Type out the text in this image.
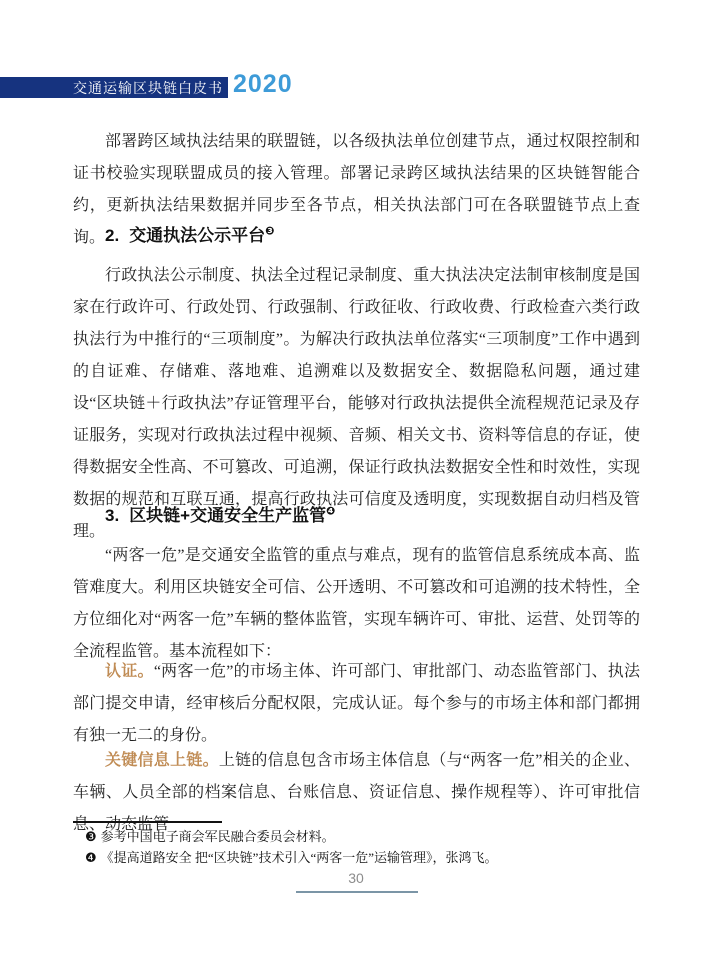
交通运输区块链白皮书 2020
部署跨区域执法结果的联盟链，以各级执法单位创建节点，通过权限控制和证书校验实现联盟成员的接入管理。部署记录跨区域执法结果的区块链智能合约，更新执法结果数据并同步至各节点，相关执法部门可在各联盟链节点上查询。 2. 交通执法公示平台$^❸$
行政执法公示制度、执法全过程记录制度、重大执法决定法制审核制度是国家在行政许可、行政处罚、行政强制、行政征收、行政收费、行政检查六类行政执法行为中推行的“三项制度”。为解决行政执法单位落实“三项制度”工作中遇到的自证难、存储难、落地难、追溯难以及数据安全、数据隐私问题，通过建设“区块链＋行政执法”存证管理平台，能够对行政执法提供全流程规范记录及存证服务，实现对行政执法过程中视频、音频、相关文书、资料等信息的存证，使得数据安全性高、不可篡改、可追溯，保证行政执法数据安全性和时效性，实现数据的规范和互联互通，提高行政执法可信度及透明度，实现数据自动归档及管理。
3. 区块链+交通安全生产监管$^❹$
“两客一危”是交通安全监管的重点与难点，现有的监管信息系统成本高、监管难度大。利用区块链安全可信、公开透明、不可篡改和可追溯的技术特性，全方位细化对“两客一危”车辆的整体监管，实现车辆许可、审批、运营、处罚等的全流程监管。基本流程如下：
认证。“两客一危”的市场主体、许可部门、审批部门、动态监管部门、执法部门提交申请，经审核后分配权限，完成认证。每个参与的市场主体和部门都拥有独一无二的身份。
关键信息上链。上链的信息包含市场主体信息（与“两客一危”相关的企业、车辆、人员全部的档案信息、台账信息、资证信息、操作规程等）、许可审批信息、动态监管
❸ 参考中国电子商会军民融合委员会材料。
❹ 《提高道路安全 把“区块链”技术引入“两客一危”运输管理》，张鸿飞。
30
